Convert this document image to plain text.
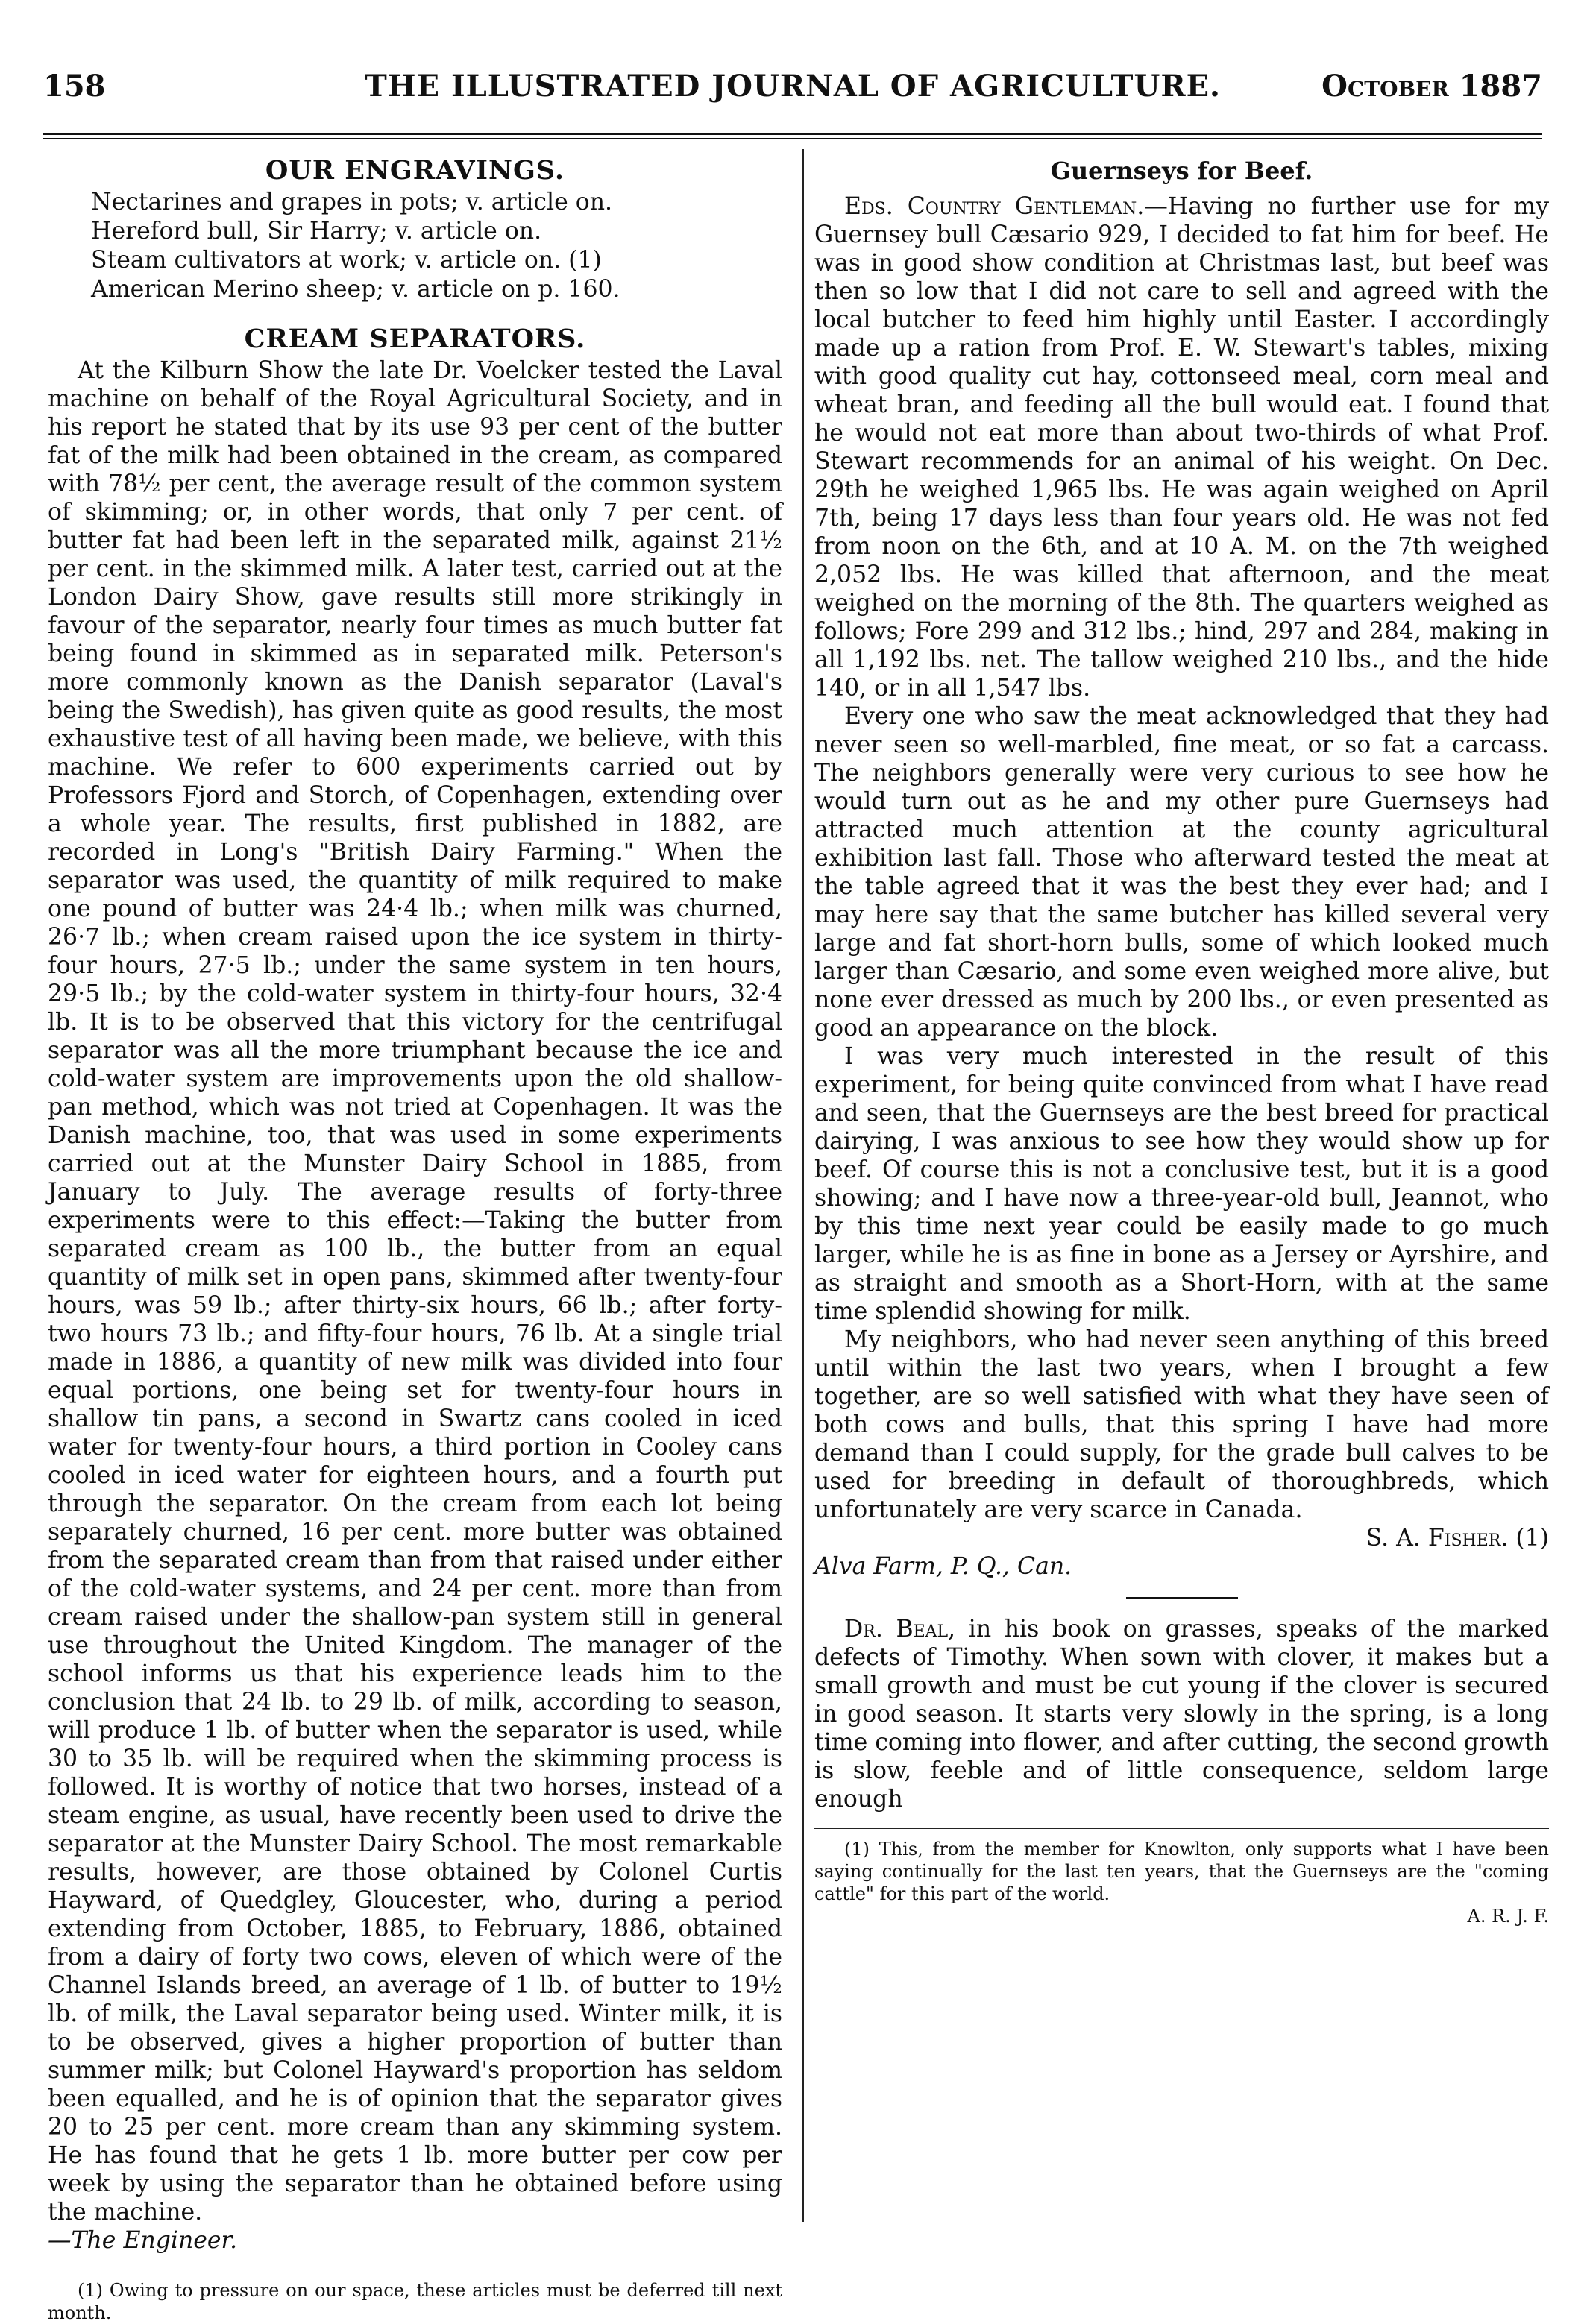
158	THE ILLUSTRATED JOURNAL OF AGRICULTURE.	October 1887
OUR ENGRAVINGS.
Nectarines and grapes in pots; v. article on.
Hereford bull, Sir Harry; v. article on.
Steam cultivators at work; v. article on. (1)
American Merino sheep; v. article on p. 160.
CREAM SEPARATORS.

At the Kilburn Show the late Dr. Voelcker tested the Laval machine on behalf of the Royal Agricultural Society, and in his report he stated that by its use 93 per cent of the butter fat of the milk had been obtained in the cream, as compared with 78½ per cent, the average result of the common system of skimming; or, in other words, that only 7 per cent. of butter fat had been left in the separated milk, against 21½ per cent. in the skimmed milk. A later test, carried out at the London Dairy Show, gave results still more strikingly in favour of the separator, nearly four times as much butter fat being found in skimmed as in separated milk. Peterson's more commonly known as the Danish separator (Laval's being the Swedish), has given quite as good results, the most exhaustive test of all having been made, we believe, with this machine. We refer to 600 experiments carried out by Professors Fjord and Storch, of Copenhagen, extending over a whole year. The results, first published in 1882, are recorded in Long's "British Dairy Farming." When the separator was used, the quantity of milk required to make one pound of butter was 24·4 lb.; when milk was churned, 26·7 lb.; when cream raised upon the ice system in thirty-four hours, 27·5 lb.; under the same system in ten hours, 29·5 lb.; by the cold-water system in thirty-four hours, 32·4 lb. It is to be observed that this victory for the centrifugal separator was all the more triumphant because the ice and cold-water system are improvements upon the old shallow-pan method, which was not tried at Copenhagen. It was the Danish machine, too, that was used in some experiments carried out at the Munster Dairy School in 1885, from January to July. The average results of forty-three experiments were to this effect:—Taking the butter from separated cream as 100 lb., the butter from an equal quantity of milk set in open pans, skimmed after twenty-four hours, was 59 lb.; after thirty-six hours, 66 lb.; after forty-two hours 73 lb.; and fifty-four hours, 76 lb. At a single trial made in 1886, a quantity of new milk was divided into four equal portions, one being set for twenty-four hours in shallow tin pans, a second in Swartz cans cooled in iced water for twenty-four hours, a third portion in Cooley cans cooled in iced water for eighteen hours, and a fourth put through the separator. On the cream from each lot being separately churned, 16 per cent. more butter was obtained from the separated cream than from that raised under either of the cold-water systems, and 24 per cent. more than from cream raised under the shallow-pan system still in general use throughout the United Kingdom. The manager of the school informs us that his experience leads him to the conclusion that 24 lb. to 29 lb. of milk, according to season, will produce 1 lb. of butter when the separator is used, while 30 to 35 lb. will be required when the skimming process is followed. It is worthy of notice that two horses, instead of a steam engine, as usual, have recently been used to drive the separator at the Munster Dairy School. The most remarkable results, however, are those obtained by Colonel Curtis Hayward, of Quedgley, Gloucester, who, during a period extending from October, 1885, to February, 1886, obtained from a dairy of forty two cows, eleven of which were of the Channel Islands breed, an average of 1 lb. of butter to 19½ lb. of milk, the Laval separator being used. Winter milk, it is to be observed, gives a higher proportion of butter than summer milk; but Colonel Hayward's proportion has seldom been equalled, and he is of opinion that the separator gives 20 to 25 per cent. more cream than any skimming system. He has found that he gets 1 lb. more butter per cow per week by using the separator than he obtained before using the machine.

—The Engineer.

(1) Owing to pressure on our space, these articles must be deferred till next month.

Guernseys for Beef.

Eds. Country Gentleman.—Having no further use for my Guernsey bull Cæsario 929, I decided to fat him for beef. He was in good show condition at Christmas last, but beef was then so low that I did not care to sell and agreed with the local butcher to feed him highly until Easter. I accordingly made up a ration from Prof. E. W. Stewart's tables, mixing with good quality cut hay, cottonseed meal, corn meal and wheat bran, and feeding all the bull would eat. I found that he would not eat more than about two-thirds of what Prof. Stewart recommends for an animal of his weight. On Dec. 29th he weighed 1,965 lbs. He was again weighed on April 7th, being 17 days less than four years old. He was not fed from noon on the 6th, and at 10 A. M. on the 7th weighed 2,052 lbs. He was killed that afternoon, and the meat weighed on the morning of the 8th. The quarters weighed as follows; Fore 299 and 312 lbs.; hind, 297 and 284, making in all 1,192 lbs. net. The tallow weighed 210 lbs., and the hide 140, or in all 1,547 lbs.

Every one who saw the meat acknowledged that they had never seen so well-marbled, fine meat, or so fat a carcass. The neighbors generally were very curious to see how he would turn out as he and my other pure Guernseys had attracted much attention at the county agricultural exhibition last fall. Those who afterward tested the meat at the table agreed that it was the best they ever had; and I may here say that the same butcher has killed several very large and fat short-horn bulls, some of which looked much larger than Cæsario, and some even weighed more alive, but none ever dressed as much by 200 lbs., or even presented as good an appearance on the block.

I was very much interested in the result of this experiment, for being quite convinced from what I have read and seen, that the Guernseys are the best breed for practical dairying, I was anxious to see how they would show up for beef. Of course this is not a conclusive test, but it is a good showing; and I have now a three-year-old bull, Jeannot, who by this time next year could be easily made to go much larger, while he is as fine in bone as a Jersey or Ayrshire, and as straight and smooth as a Short-Horn, with at the same time splendid showing for milk.

My neighbors, who had never seen anything of this breed until within the last two years, when I brought a few together, are so well satisfied with what they have seen of both cows and bulls, that this spring I have had more demand than I could supply, for the grade bull calves to be used for breeding in default of thoroughbreds, which unfortunately are very scarce in Canada.

S. A. Fisher. (1)

Alva Farm, P. Q., Can.

Dr. Beal, in his book on grasses, speaks of the marked defects of Timothy. When sown with clover, it makes but a small growth and must be cut young if the clover is secured in good season. It starts very slowly in the spring, is a long time coming into flower, and after cutting, the second growth is slow, feeble and of little consequence, seldom large enough

(1) This, from the member for Knowlton, only supports what I have been saying continually for the last ten years, that the Guernseys are the "coming cattle" for this part of the world.

A. R. J. F.
